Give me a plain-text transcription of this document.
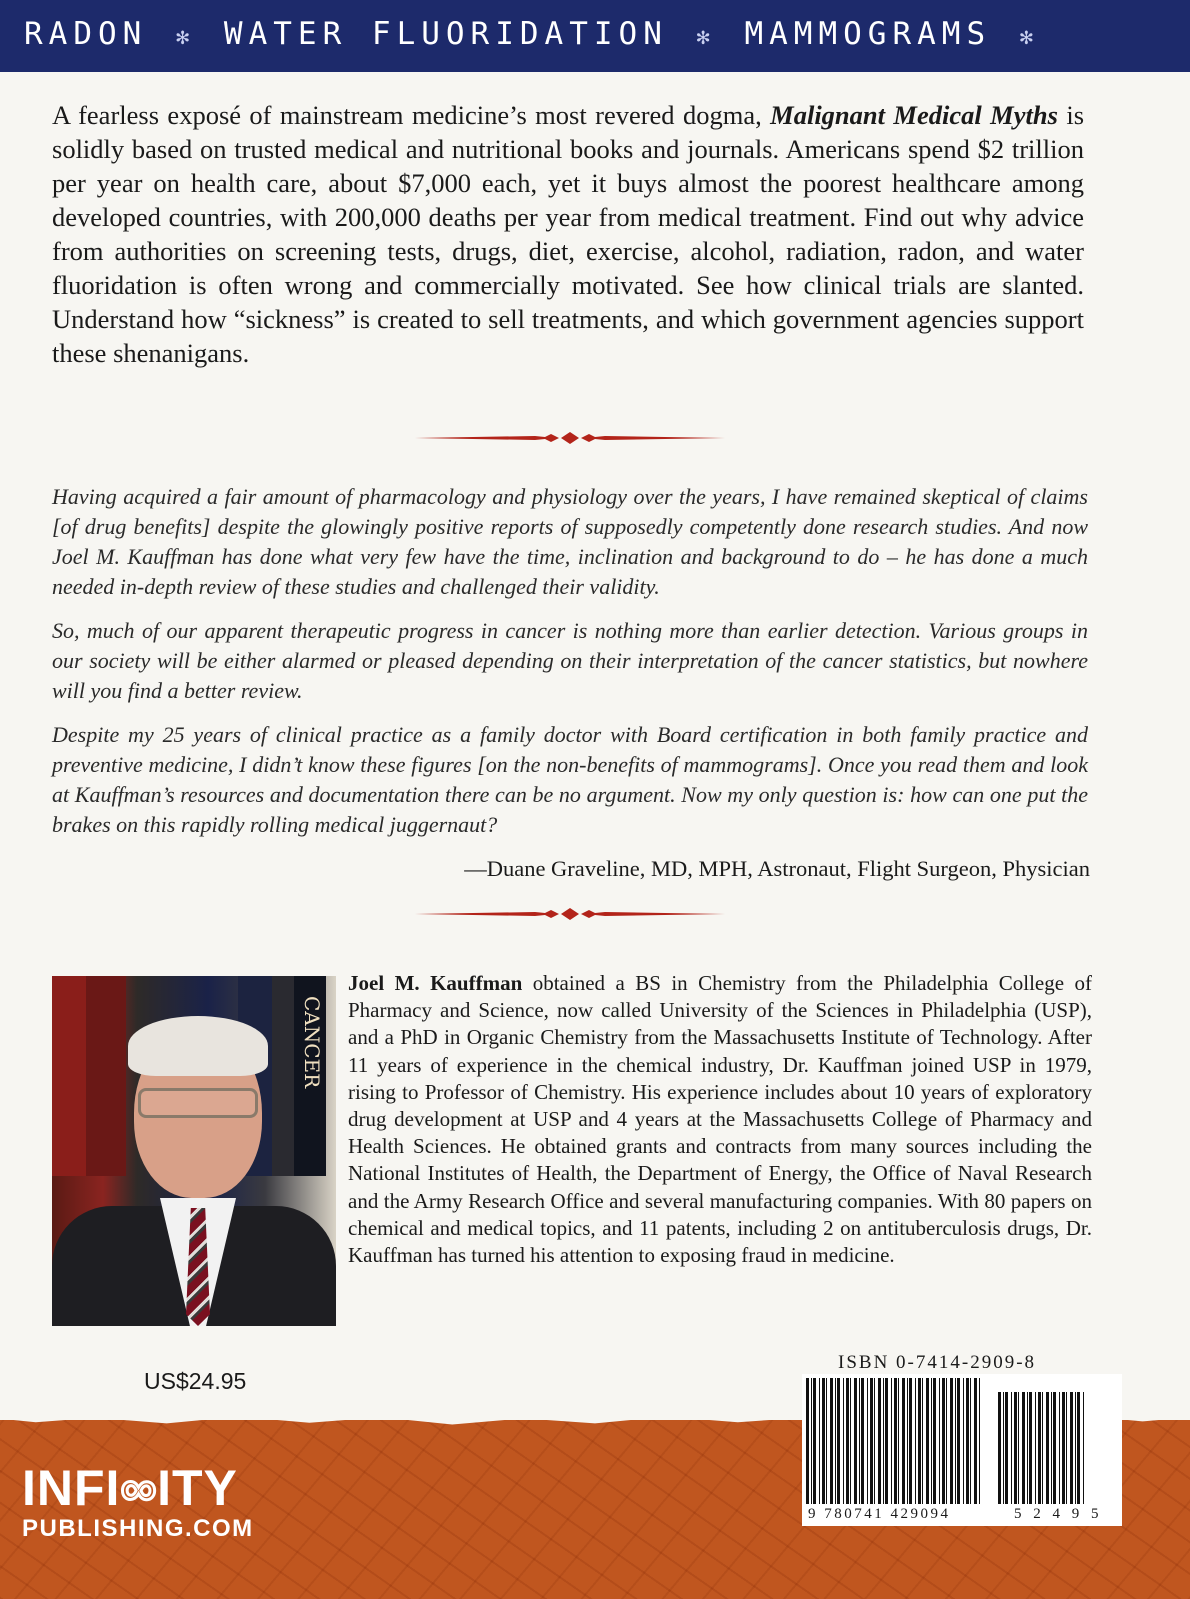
RADON ✻ WATER FLUORIDATION ✻ MAMMOGRAMS ✻
A fearless exposé of mainstream medicine’s most revered dogma, Malignant Medical Myths is solidly based on trusted medical and nutritional books and journals. Americans spend $2 trillion per year on health care, about $7,000 each, yet it buys almost the poorest healthcare among developed countries, with 200,000 deaths per year from medical treatment. Find out why advice from authorities on screening tests, drugs, diet, exercise, alcohol, radiation, radon, and water fluoridation is often wrong and commercially motivated. See how clinical trials are slanted. Understand how “sickness” is created to sell treatments, and which government agencies support these shenanigans.

Having acquired a fair amount of pharmacology and physiology over the years, I have remained skeptical of claims [of drug benefits] despite the glowingly positive reports of supposedly competently done research studies. And now Joel M. Kauffman has done what very few have the time, inclination and background to do – he has done a much needed in-depth review of these studies and challenged their validity.

So, much of our apparent therapeutic progress in cancer is nothing more than earlier detection. Various groups in our society will be either alarmed or pleased depending on their interpretation of the cancer statistics, but nowhere will you find a better review.

Despite my 25 years of clinical practice as a family doctor with Board certification in both family practice and preventive medicine, I didn’t know these figures [on the non-benefits of mammograms]. Once you read them and look at Kauffman’s resources and documentation there can be no argument. Now my only question is: how can one put the brakes on this rapidly rolling medical juggernaut?

—Duane Graveline, MD, MPH, Astronaut, Flight Surgeon, Physician
CANCER
Joel M. Kauffman obtained a BS in Chemistry from the Philadelphia College of Pharmacy and Science, now called University of the Sciences in Philadelphia (USP), and a PhD in Organic Chemistry from the Massachusetts Institute of Technology. After 11 years of experience in the chemical industry, Dr. Kauffman joined USP in 1979, rising to Professor of Chemistry. His experience includes about 10 years of exploratory drug development at USP and 4 years at the Massachusetts College of Pharmacy and Health Sciences. He obtained grants and contracts from many sources including the National Institutes of Health, the Department of Energy, the Office of Naval Research and the Army Research Office and several manufacturing companies. With 80 papers on chemical and medical topics, and 11 patents, including 2 on antituberculosis drugs, Dr. Kauffman has turned his attention to exposing fraud in medicine.
US$24.95
INFI∞ITY
PUBLISHING.COM
ISBN 0-7414-2909-8
9 780741 429094	5 2 4 9 5
